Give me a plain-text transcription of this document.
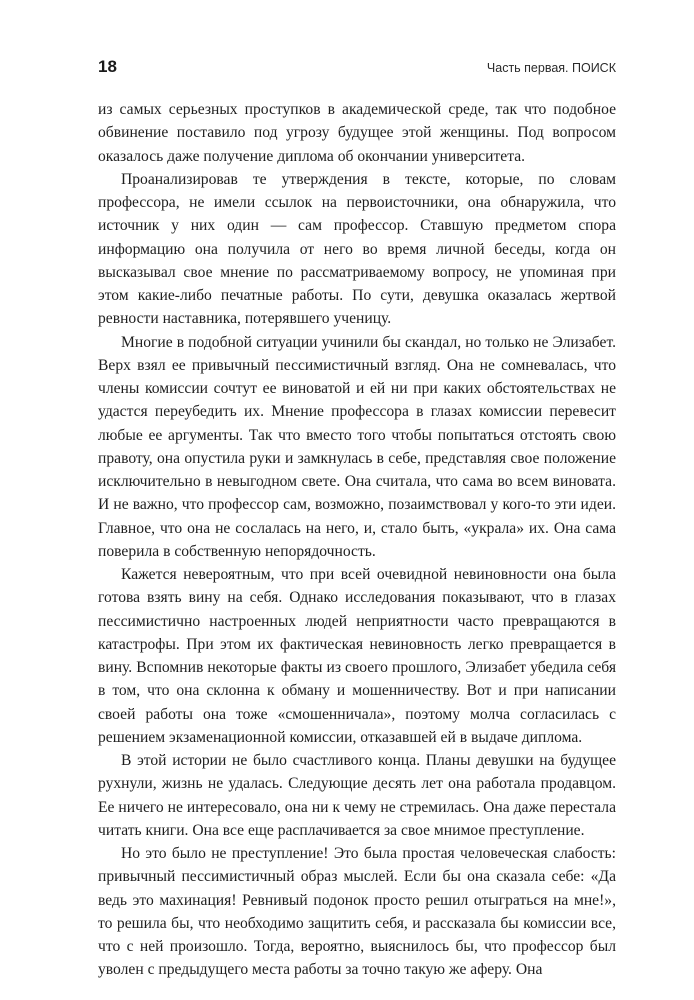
18	Часть первая. ПОИСК

из самых серьезных проступков в академической среде, так что подобное обвинение поставило под угрозу будущее этой женщины. Под вопросом оказалось даже получение диплома об окончании университета.

Проанализировав те утверждения в тексте, которые, по словам профессора, не имели ссылок на первоисточники, она обнаружила, что источник у них один — сам профессор. Ставшую предметом спора информацию она получила от него во время личной беседы, когда он высказывал свое мнение по рассматриваемому вопросу, не упоминая при этом какие-либо печатные работы. По сути, девушка оказалась жертвой ревности наставника, потерявшего ученицу.

Многие в подобной ситуации учинили бы скандал, но только не Элизабет. Верх взял ее привычный пессимистичный взгляд. Она не сомневалась, что члены комиссии сочтут ее виноватой и ей ни при каких обстоятельствах не удастся переубедить их. Мнение профессора в глазах комиссии перевесит любые ее аргументы. Так что вместо того чтобы попытаться отстоять свою правоту, она опустила руки и замкнулась в себе, представляя свое положение исключительно в невыгодном свете. Она считала, что сама во всем виновата. И не важно, что профессор сам, возможно, позаимствовал у кого-то эти идеи. Главное, что она не сослалась на него, и, стало быть, «украла» их. Она сама поверила в собственную непорядочность.

Кажется невероятным, что при всей очевидной невиновности она была готова взять вину на себя. Однако исследования показывают, что в глазах пессимистично настроенных людей неприятности часто превращаются в катастрофы. При этом их фактическая невиновность легко превращается в вину. Вспомнив некоторые факты из своего прошлого, Элизабет убедила себя в том, что она склонна к обману и мошенничеству. Вот и при написании своей работы она тоже «смошенничала», поэтому молча согласилась с решением экзаменационной комиссии, отказавшей ей в выдаче диплома.

В этой истории не было счастливого конца. Планы девушки на будущее рухнули, жизнь не удалась. Следующие десять лет она работала продавцом. Ее ничего не интересовало, она ни к чему не стремилась. Она даже перестала читать книги. Она все еще расплачивается за свое мнимое преступление.

Но это было не преступление! Это была простая человеческая слабость: привычный пессимистичный образ мыслей. Если бы она сказала себе: «Да ведь это махинация! Ревнивый подонок просто решил отыграться на мне!», то решила бы, что необходимо защитить себя, и рассказала бы комиссии все, что с ней произошло. Тогда, вероятно, выяснилось бы, что профессор был уволен с предыдущего места работы за точно такую же аферу. Она
